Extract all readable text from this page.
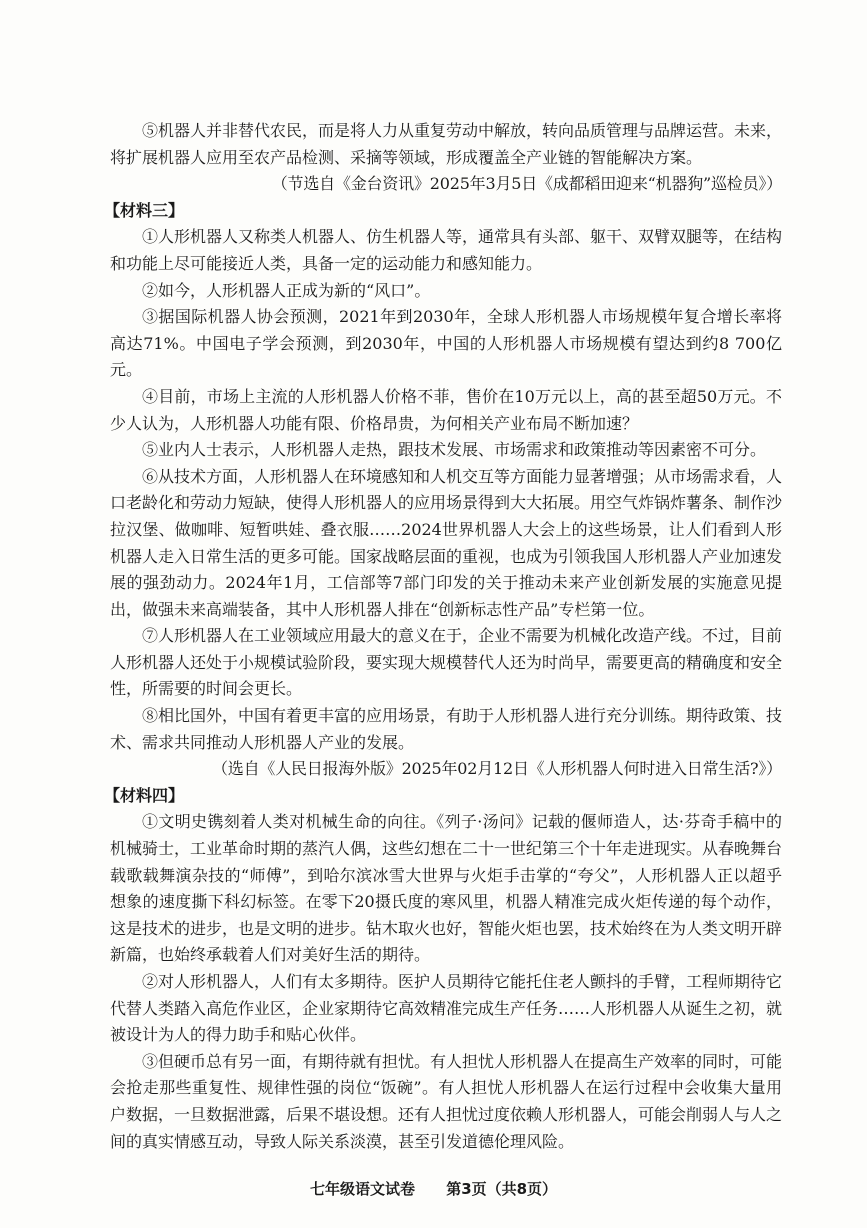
⑤机器人并非替代农民，而是将人力从重复劳动中解放，转向品质管理与品牌运营。未来，将扩展机器人应用至农产品检测、采摘等领域，形成覆盖全产业链的智能解决方案。

（节选自《金台资讯》2025年3月5日《成都稻田迎来“机器狗”巡检员》）

【材料三】

①人形机器人又称类人机器人、仿生机器人等，通常具有头部、躯干、双臂双腿等，在结构和功能上尽可能接近人类，具备一定的运动能力和感知能力。

②如今，人形机器人正成为新的“风口”。

③据国际机器人协会预测，2021年到2030年，全球人形机器人市场规模年复合增长率将高达71%。中国电子学会预测，到2030年，中国的人形机器人市场规模有望达到约8 700亿元。

④目前，市场上主流的人形机器人价格不菲，售价在10万元以上，高的甚至超50万元。不少人认为，人形机器人功能有限、价格昂贵，为何相关产业布局不断加速？

⑤业内人士表示，人形机器人走热，跟技术发展、市场需求和政策推动等因素密不可分。

⑥从技术方面，人形机器人在环境感知和人机交互等方面能力显著增强；从市场需求看，人口老龄化和劳动力短缺，使得人形机器人的应用场景得到大大拓展。用空气炸锅炸薯条、制作沙拉汉堡、做咖啡、短暂哄娃、叠衣服……2024世界机器人大会上的这些场景，让人们看到人形机器人走入日常生活的更多可能。国家战略层面的重视，也成为引领我国人形机器人产业加速发展的强劲动力。2024年1月，工信部等7部门印发的关于推动未来产业创新发展的实施意见提出，做强未来高端装备，其中人形机器人排在“创新标志性产品”专栏第一位。

⑦人形机器人在工业领域应用最大的意义在于，企业不需要为机械化改造产线。不过，目前人形机器人还处于小规模试验阶段，要实现大规模替代人还为时尚早，需要更高的精确度和安全性，所需要的时间会更长。

⑧相比国外，中国有着更丰富的应用场景，有助于人形机器人进行充分训练。期待政策、技术、需求共同推动人形机器人产业的发展。

（选自《人民日报海外版》2025年02月12日《人形机器人何时进入日常生活?》）

【材料四】

①文明史镌刻着人类对机械生命的向往。《列子·汤问》记载的偃师造人，达·芬奇手稿中的机械骑士，工业革命时期的蒸汽人偶，这些幻想在二十一世纪第三个十年走进现实。从春晚舞台载歌载舞演杂技的“师傅”，到哈尔滨冰雪大世界与火炬手击掌的“夸父”，人形机器人正以超乎想象的速度撕下科幻标签。在零下20摄氏度的寒风里，机器人精准完成火炬传递的每个动作，这是技术的进步，也是文明的进步。钻木取火也好，智能火炬也罢，技术始终在为人类文明开辟新篇，也始终承载着人们对美好生活的期待。

②对人形机器人，人们有太多期待。医护人员期待它能托住老人颤抖的手臂，工程师期待它代替人类踏入高危作业区，企业家期待它高效精准完成生产任务……人形机器人从诞生之初，就被设计为人的得力助手和贴心伙伴。

③但硬币总有另一面，有期待就有担忧。有人担忧人形机器人在提高生产效率的同时，可能会抢走那些重复性、规律性强的岗位“饭碗”。有人担忧人形机器人在运行过程中会收集大量用户数据，一旦数据泄露，后果不堪设想。还有人担忧过度依赖人形机器人，可能会削弱人与人之间的真实情感互动，导致人际关系淡漠，甚至引发道德伦理风险。

七年级语文试卷 第3页（共8页）
